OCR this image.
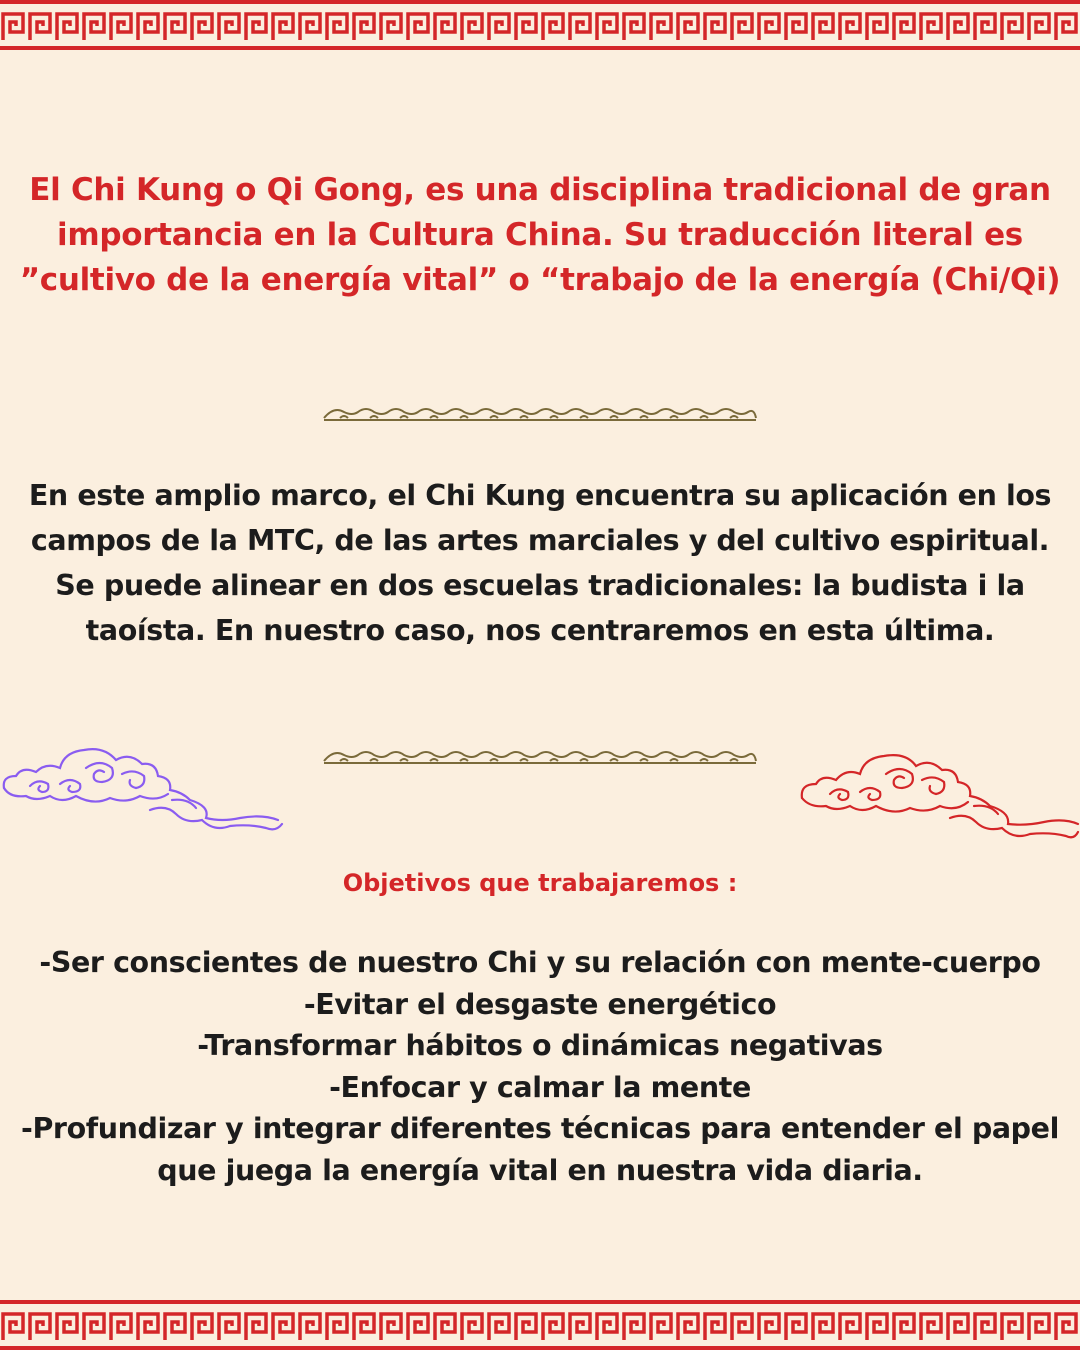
El Chi Kung o Qi Gong, es una disciplina tradicional de gran
importancia en la Cultura China. Su traducción literal es
”cultivo de la energía vital” o “trabajo de la energía (Chi/Qi)
En este amplio marco, el Chi Kung encuentra su aplicación en los
campos de la MTC, de las artes marciales y del cultivo espiritual.
Se puede alinear en dos escuelas tradicionales: la budista i la
taoísta. En nuestro caso, nos centraremos en esta última.
Objetivos que trabajaremos :
-Ser conscientes de nuestro Chi y su relación con mente-cuerpo
-Evitar el desgaste energético
-Transformar hábitos o dinámicas negativas
-Enfocar y calmar la mente
-Profundizar y integrar diferentes técnicas para entender el papel
que juega la energía vital en nuestra vida diaria.
